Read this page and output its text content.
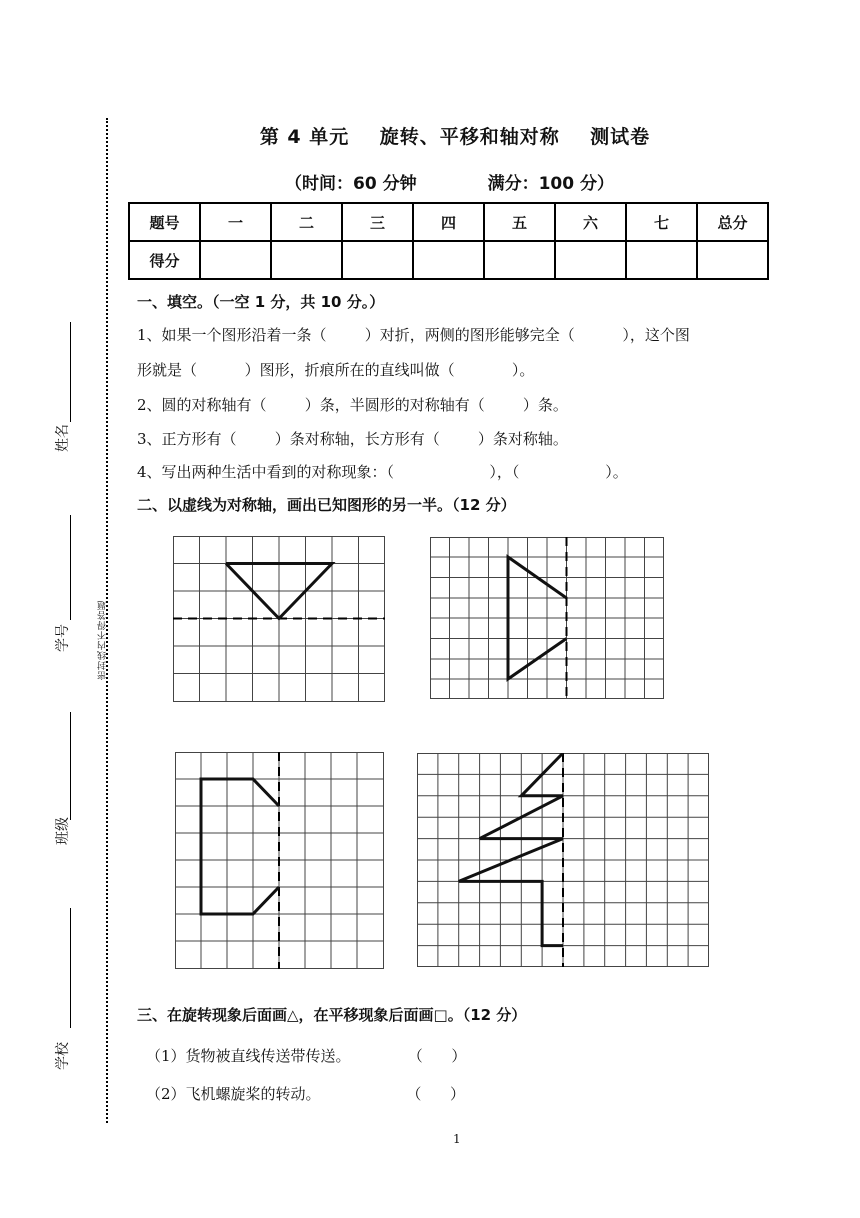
密封线内不得答题
姓名
学号
班级
学校
第 4 单元    旋转、平移和轴对称    测试卷
（时间：60 分钟            满分：100 分）
题号	一	二	三	四	五	六	七	总分
得分								
一、填空。（一空 1 分，共 10 分。）
1、如果一个图形沿着一条（        ）对折，两侧的图形能够完全（          ），这个图
形就是（          ）图形，折痕所在的直线叫做（            ）。
2、圆的对称轴有（        ）条，半圆形的对称轴有（        ）条。
3、正方形有（        ）条对称轴，长方形有（        ）条对称轴。
4、写出两种生活中看到的对称现象：（                    ），（                  ）。
二、以虚线为对称轴，画出已知图形的另一半。（12 分）
三、在旋转现象后面画△，在平移现象后面画□。（12 分）
（1）货物被直线传送带传送。            （      ）
（2）飞机螺旋桨的转动。                  （      ）
1
